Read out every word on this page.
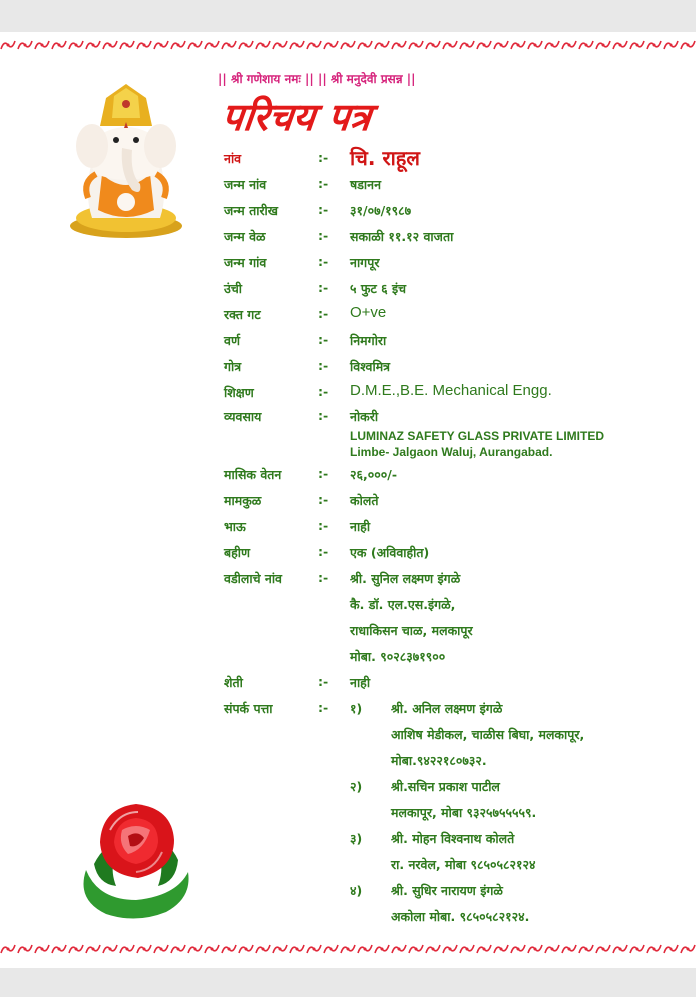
|| श्री गणेशाय नमः || || श्री मनुदेवी प्रसन्न ||
परिचय पत्र
नांव	:- चि. राहूल
जन्म नांव	:- षडानन
जन्म तारीख	:- ३१/०७/१९८७
जन्म वेळ	:- सकाळी ११.१२ वाजता
जन्म गांव	:- नागपूर
उंची	:- ५ फुट ६ इंच
रक्त गट	:- O+ve
वर्ण	:- निमगोरा
गोत्र	:- विश्वमित्र
शिक्षण	:- D.M.E.,B.E. Mechanical Engg.
व्यवसाय	:- नोकरी
LUMINAZ SAFETY GLASS PRIVATE LIMITED
Limbe- Jalgaon Waluj, Aurangabad.
मासिक वेतन	:- २६,०००/-
मामकुळ	:- कोलते
भाऊ	:- नाही
बहीण	:- एक (अविवाहीत)
वडीलाचे नांव	:- श्री. सुनिल लक्ष्मण इंगळे
कै. डॉ. एल.एस.इंगळे,
राधाकिसन चाळ, मलकापूर
मोबा. ९०२८३७१९००
शेती	:- नाही
संपर्क पत्ता	:- १) श्री. अनिल लक्ष्मण इंगळे
आशिष मेडीकल, चाळीस बिघा, मलकापूर,
मोबा.९४२२१८०७३२.
२) श्री.सचिन प्रकाश पाटील
मलकापूर, मोबा ९३२५७५५५५९.
३) श्री. मोहन विश्वनाथ कोलते
रा. नरवेल, मोबा ९८५०५८२१२४
४) श्री. सुधिर नारायण इंगळे
अकोला मोबा. ९८५०५८२१२४.
